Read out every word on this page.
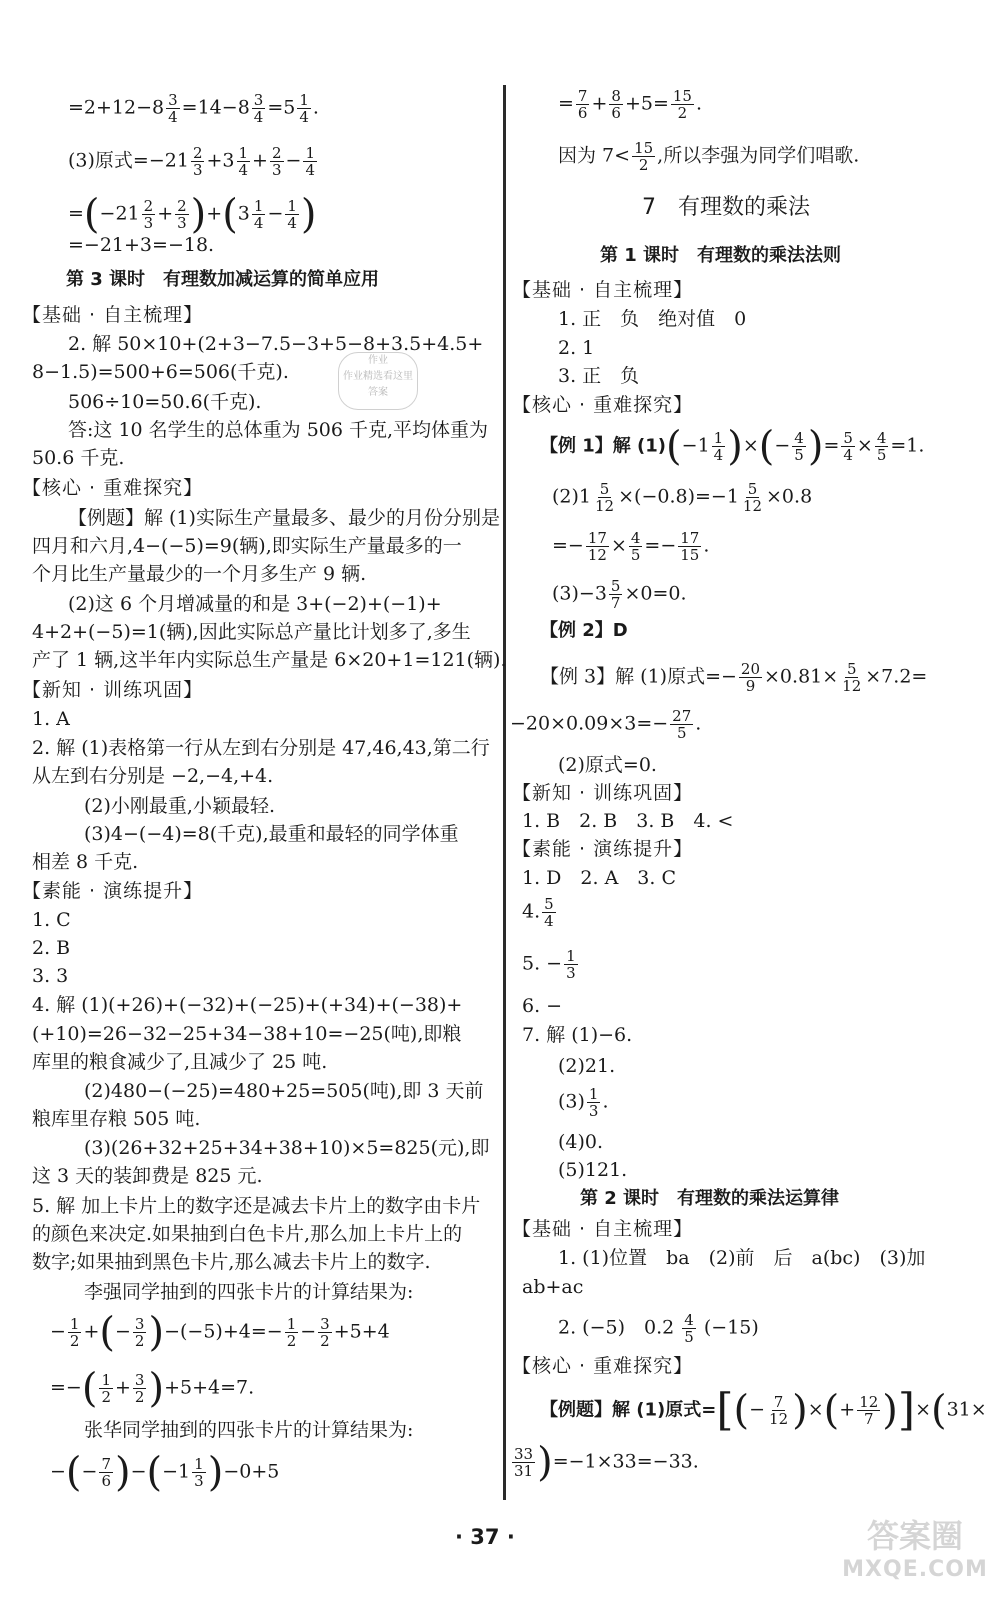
$=2+12-8 \frac{3}{4} =14-8 \frac{3}{4} =5 \frac{1}{4}$ .
(3)原式$=-21 \frac{2}{3} +3 \frac{1}{4} + \frac{2}{3} - \frac{1}{4}$
$=(-21 \frac{2}{3} + \frac{2}{3} )+(3 \frac{1}{4} - \frac{1}{4}$ )
=−21+3=−18.
第 3 课时　有理数加减运算的简单应用
【基础 · 自主梳理】
2. 解 50×10+(2+3−7.5−3+5−8+3.5+4.5+
8−1.5)=500+6=506(千克).
506÷10=50.6(千克).
答:这 10 名学生的总体重为 506 千克,平均体重为
50.6 千克.
【核心 · 重难探究】
【例题】解 (1)实际生产量最多、最少的月份分别是
四月和六月,4−(−5)=9(辆),即实际生产量最多的一
个月比生产量最少的一个月多生产 9 辆.
(2)这 6 个月增减量的和是 3+(−2)+(−1)+
4+2+(−5)=1(辆),因此实际总产量比计划多了,多生
产了 1 辆,这半年内实际总生产量是 6×20+1=121(辆).
【新知 · 训练巩固】
1. A
2. 解 (1)表格第一行从左到右分别是 47,46,43,第二行
从左到右分别是 −2,−4,+4.
(2)小刚最重,小颖最轻.
(3)4−(−4)=8(千克),最重和最轻的同学体重
相差 8 千克.
【素能 · 演练提升】
1. C
2. B
3. 3
4. 解 (1)(+26)+(−32)+(−25)+(+34)+(−38)+
(+10)=26−32−25+34−38+10=−25(吨),即粮
库里的粮食减少了,且减少了 25 吨.
(2)480−(−25)=480+25=505(吨),即 3 天前
粮库里存粮 505 吨.
(3)(26+32+25+34+38+10)×5=825(元),即
这 3 天的装卸费是 825 元.
5. 解 加上卡片上的数字还是减去卡片上的数字由卡片
的颜色来决定.如果抽到白色卡片,那么加上卡片上的
数字;如果抽到黑色卡片,那么减去卡片上的数字.
李强同学抽到的四张卡片的计算结果为:
− $\frac{1}{2}$ +(− $\frac{3}{2} )-(-5)+4=- \frac{1}{2} - \frac{3}{2} +5+4$
=−( $\frac{1}{2} + \frac{3}{2} )+5+4=7$.
张华同学抽到的四张卡片的计算结果为:
−(− $\frac{7}{6} )-(-1 \frac{1}{3} )-0+5$
= $\frac{7}{6} + \frac{8}{6} +5= \frac{15}{2}$ .
因为 $7< \frac{15}{2}$ ,所以李强为同学们唱歌.
7　有理数的乘法
第 1 课时　有理数的乘法法则
【基础 · 自主梳理】
1. 正　负　绝对值　0
2. 1
3. 正　负
【核心 · 重难探究】
【例 1】解 $(1)(-1 \frac{1}{4}$ )×(− $\frac{4}{5}$ )= $\frac{5}{4} \times \frac{4}{5} =1$.
$(2)1 \frac{5}{12} \times(-0.8)=-1 \frac{5}{12} \times 0.8$
=− $\frac{17}{12} \times \frac{4}{5} =- \frac{17}{15}$ .
$(3)-3 \frac{5}{7} \times 0=0$.
【例 2】D
【例 3】解 (1)原式=− $\frac{20}{9} \times 0.81\times \frac{5}{12} \times 7.2=$
$-20\times 0.09\times 3=- \frac{27}{5}$ .
(2)原式=0.
【新知 · 训练巩固】
1. B　2. B　3. B　4. <
【素能 · 演练提升】
1. D　2. A　3. C
4. $\frac{5}{4}$
5. − $\frac{1}{3}$
6. −
7. 解 (1)−6.
(2)21.
$(3) \frac{1}{3}$ .
(4)0.
(5)121.
第 2 课时　有理数的乘法运算律
【基础 · 自主梳理】
1. (1)位置　ba　(2)前　后　a(bc)　(3)加
ab+ac
2. (−5)　$0.2 \frac{4}{5} (-15)$
【核心 · 重难探究】
【例题】解 (1)原式=[(− $\frac{7}{12}$ )×(+ $\frac{12}{7} )]\times(31\times$
$\frac{33}{31} )=-1\times 33=-33$.
作业
作业精选看这里
答案
· 37 ·	答案圈
MXQE.COM
